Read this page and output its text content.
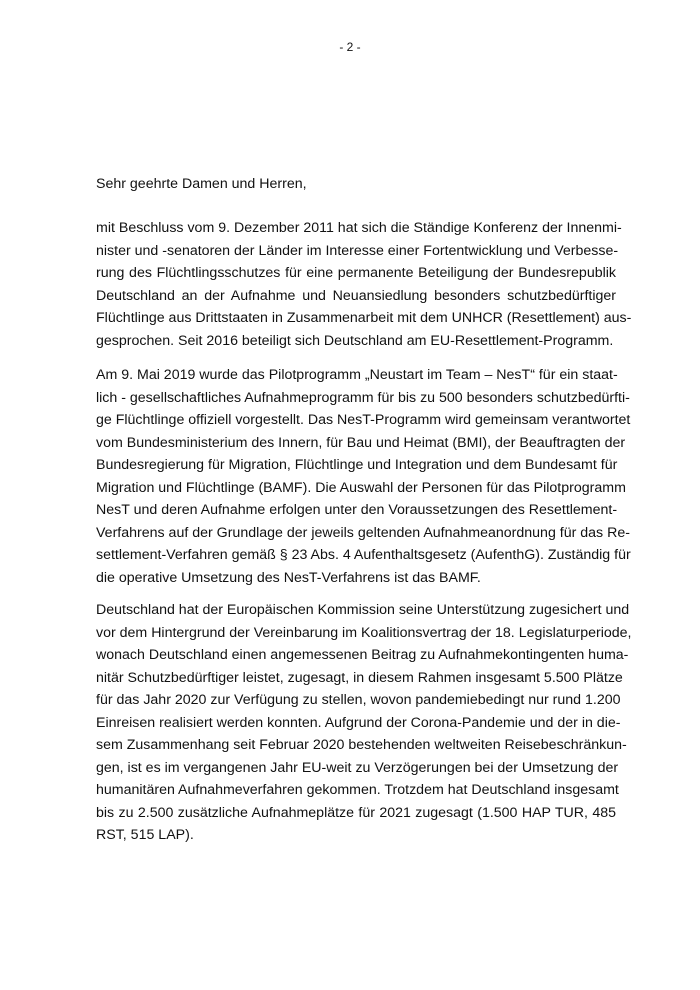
- 2 -

Sehr geehrte Damen und Herren,

mit Beschluss vom 9. Dezember 2011 hat sich die Ständige Konferenz der Innenmi-
nister und -senatoren der Länder im Interesse einer Fortentwicklung und Verbesse-
rung des Flüchtlingsschutzes für eine permanente Beteiligung der Bundesrepublik
Deutschland an der Aufnahme und Neuansiedlung besonders schutzbedürftiger
Flüchtlinge aus Drittstaaten in Zusammenarbeit mit dem UNHCR (Resettlement) aus-
gesprochen. Seit 2016 beteiligt sich Deutschland am EU-Resettlement-Programm.

Am 9. Mai 2019 wurde das Pilotprogramm „Neustart im Team – NesT“ für ein staat-
lich - gesellschaftliches Aufnahmeprogramm für bis zu 500 besonders schutzbedürfti-
ge Flüchtlinge offiziell vorgestellt. Das NesT-Programm wird gemeinsam verantwortet
vom Bundesministerium des Innern, für Bau und Heimat (BMI), der Beauftragten der
Bundesregierung für Migration, Flüchtlinge und Integration und dem Bundesamt für
Migration und Flüchtlinge (BAMF). Die Auswahl der Personen für das Pilotprogramm
NesT und deren Aufnahme erfolgen unter den Voraussetzungen des Resettlement-
Verfahrens auf der Grundlage der jeweils geltenden Aufnahmeanordnung für das Re-
settlement-Verfahren gemäß § 23 Abs. 4 Aufenthaltsgesetz (AufenthG). Zuständig für
die operative Umsetzung des NesT-Verfahrens ist das BAMF.

Deutschland hat der Europäischen Kommission seine Unterstützung zugesichert und
vor dem Hintergrund der Vereinbarung im Koalitionsvertrag der 18. Legislaturperiode,
wonach Deutschland einen angemessenen Beitrag zu Aufnahmekontingenten huma-
nitär Schutzbedürftiger leistet, zugesagt, in diesem Rahmen insgesamt 5.500 Plätze
für das Jahr 2020 zur Verfügung zu stellen, wovon pandemiebedingt nur rund 1.200
Einreisen realisiert werden konnten. Aufgrund der Corona-Pandemie und der in die-
sem Zusammenhang seit Februar 2020 bestehenden weltweiten Reisebeschränkun-
gen, ist es im vergangenen Jahr EU-weit zu Verzögerungen bei der Umsetzung der
humanitären Aufnahmeverfahren gekommen. Trotzdem hat Deutschland insgesamt
bis zu 2.500 zusätzliche Aufnahmeplätze für 2021 zugesagt (1.500 HAP TUR, 485
RST, 515 LAP).
